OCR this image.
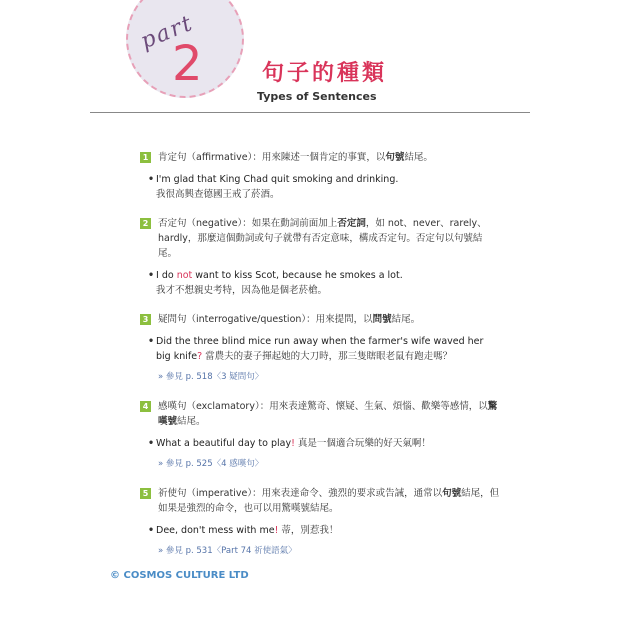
part
2	句子的種類
Types of Sentences
1 肯定句（affirmative）：用來陳述一個肯定的事實，以句號結尾。
• I'm glad that King Chad quit smoking and drinking.
我很高興查德國王戒了菸酒。
2 否定句（negative）：如果在動詞前面加上否定詞，如 not、never、rarely、hardly，那麼這個動詞或句子就帶有否定意味，構成否定句。否定句以句號結尾。
• I do not want to kiss Scot, because he smokes a lot.
我才不想親史考特，因為他是個老菸槍。
3 疑問句（interrogative/question）：用來提問，以問號結尾。
• Did the three blind mice run away when the farmer's wife waved her big knife? 當農夫的妻子揮起她的大刀時，那三隻瞎眼老鼠有跑走嗎？
» 參見 p. 518〈3 疑問句〉
4 感嘆句（exclamatory）：用來表達驚奇、懷疑、生氣、煩惱、歡樂等感情，以驚嘆號結尾。
• What a beautiful day to play! 真是一個適合玩樂的好天氣啊！
» 參見 p. 525〈4 感嘆句〉
5 祈使句（imperative）：用來表達命令、強烈的要求或告誡，通常以句號結尾，但如果是強烈的命令，也可以用驚嘆號結尾。
• Dee, don't mess with me! 蒂，別惹我！
» 參見 p. 531〈Part 74 祈使語氣〉
© COSMOS CULTURE LTD
